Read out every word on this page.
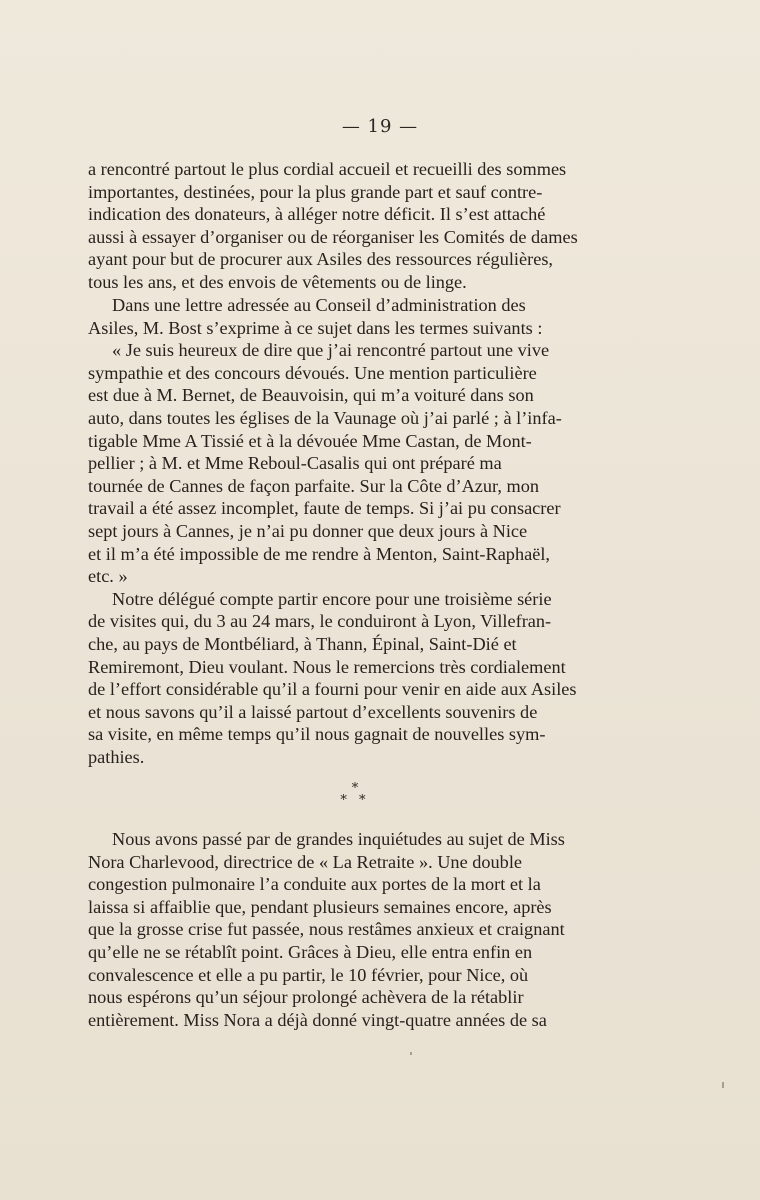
— 19 —
a rencontré partout le plus cordial accueil et recueilli des sommes
importantes, destinées, pour la plus grande part et sauf contre-
indication des donateurs, à alléger notre déficit. Il s’est attaché
aussi à essayer d’organiser ou de réorganiser les Comités de dames
ayant pour but de procurer aux Asiles des ressources régulières,
tous les ans, et des envois de vêtements ou de linge.
Dans une lettre adressée au Conseil d’administration des
Asiles, M. Bost s’exprime à ce sujet dans les termes suivants :
« Je suis heureux de dire que j’ai rencontré partout une vive
sympathie et des concours dévoués. Une mention particulière
est due à M. Bernet, de Beauvoisin, qui m’a voituré dans son
auto, dans toutes les églises de la Vaunage où j’ai parlé ; à l’infa-
tigable Mme A Tissié et à la dévouée Mme Castan, de Mont-
pellier ; à M. et Mme Reboul-Casalis qui ont préparé ma
tournée de Cannes de façon parfaite. Sur la Côte d’Azur, mon
travail a été assez incomplet, faute de temps. Si j’ai pu consacrer
sept jours à Cannes, je n’ai pu donner que deux jours à Nice
et il m’a été impossible de me rendre à Menton, Saint-Raphaël,
etc. »
Notre délégué compte partir encore pour une troisième série
de visites qui, du 3 au 24 mars, le conduiront à Lyon, Villefran-
che, au pays de Montbéliard, à Thann, Épinal, Saint-Dié et
Remiremont, Dieu voulant. Nous le remercions très cordialement
de l’effort considérable qu’il a fourni pour venir en aide aux Asiles
et nous savons qu’il a laissé partout d’excellents souvenirs de
sa visite, en même temps qu’il nous gagnait de nouvelles sym-
pathies.
*
* *
Nous avons passé par de grandes inquiétudes au sujet de Miss
Nora Charlevood, directrice de « La Retraite ». Une double
congestion pulmonaire l’a conduite aux portes de la mort et la
laissa si affaiblie que, pendant plusieurs semaines encore, après
que la grosse crise fut passée, nous restâmes anxieux et craignant
qu’elle ne se rétablît point. Grâces à Dieu, elle entra enfin en
convalescence et elle a pu partir, le 10 février, pour Nice, où
nous espérons qu’un séjour prolongé achèvera de la rétablir
entièrement. Miss Nora a déjà donné vingt-quatre années de sa
